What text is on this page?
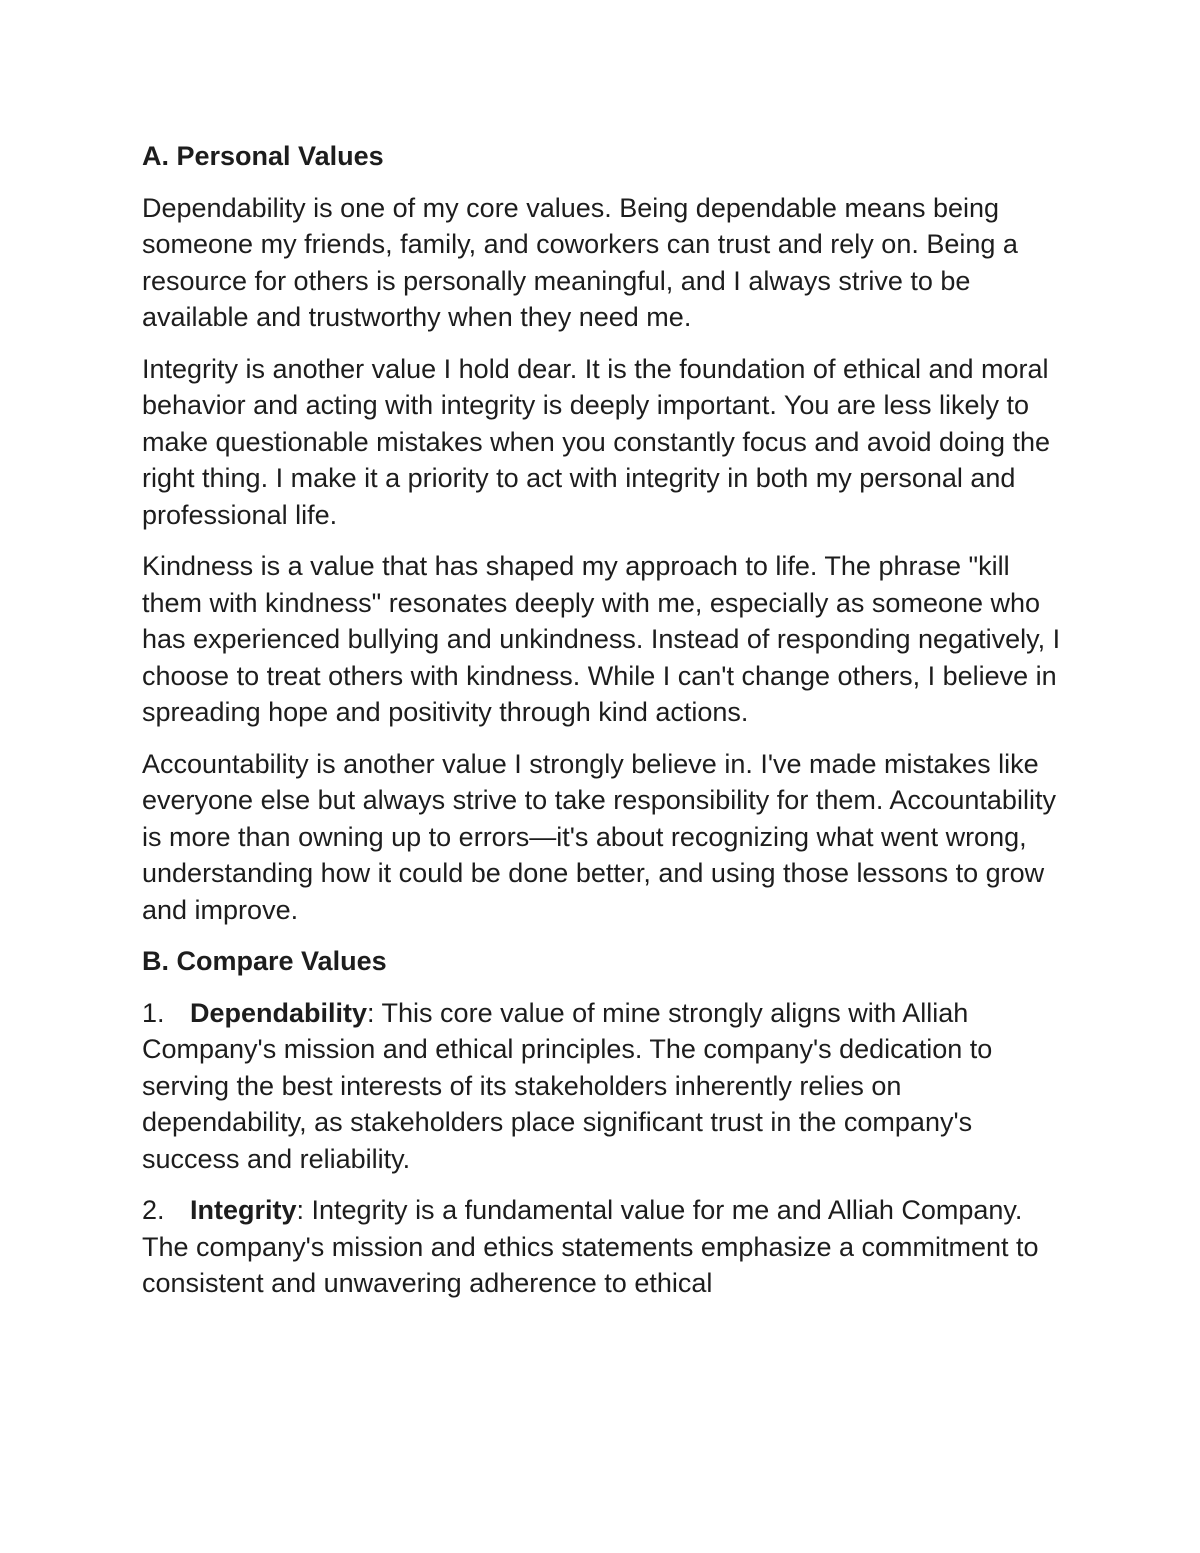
A. Personal Values

Dependability is one of my core values. Being dependable means being someone my friends, family, and coworkers can trust and rely on. Being a resource for others is personally meaningful, and I always strive to be available and trustworthy when they need me.

Integrity is another value I hold dear. It is the foundation of ethical and moral behavior and acting with integrity is deeply important. You are less likely to make questionable mistakes when you constantly focus and avoid doing the right thing. I make it a priority to act with integrity in both my personal and professional life.

Kindness is a value that has shaped my approach to life. The phrase "kill them with kindness" resonates deeply with me, especially as someone who has experienced bullying and unkindness. Instead of responding negatively, I choose to treat others with kindness. While I can't change others, I believe in spreading hope and positivity through kind actions.

Accountability is another value I strongly believe in. I've made mistakes like everyone else but always strive to take responsibility for them. Accountability is more than owning up to errors—it's about recognizing what went wrong, understanding how it could be done better, and using those lessons to grow and improve.

B. Compare Values

1. Dependability: This core value of mine strongly aligns with Alliah Company's mission and ethical principles. The company's dedication to serving the best interests of its stakeholders inherently relies on dependability, as stakeholders place significant trust in the company's success and reliability.

2. Integrity: Integrity is a fundamental value for me and Alliah Company. The company's mission and ethics statements emphasize a commitment to consistent and unwavering adherence to ethical
